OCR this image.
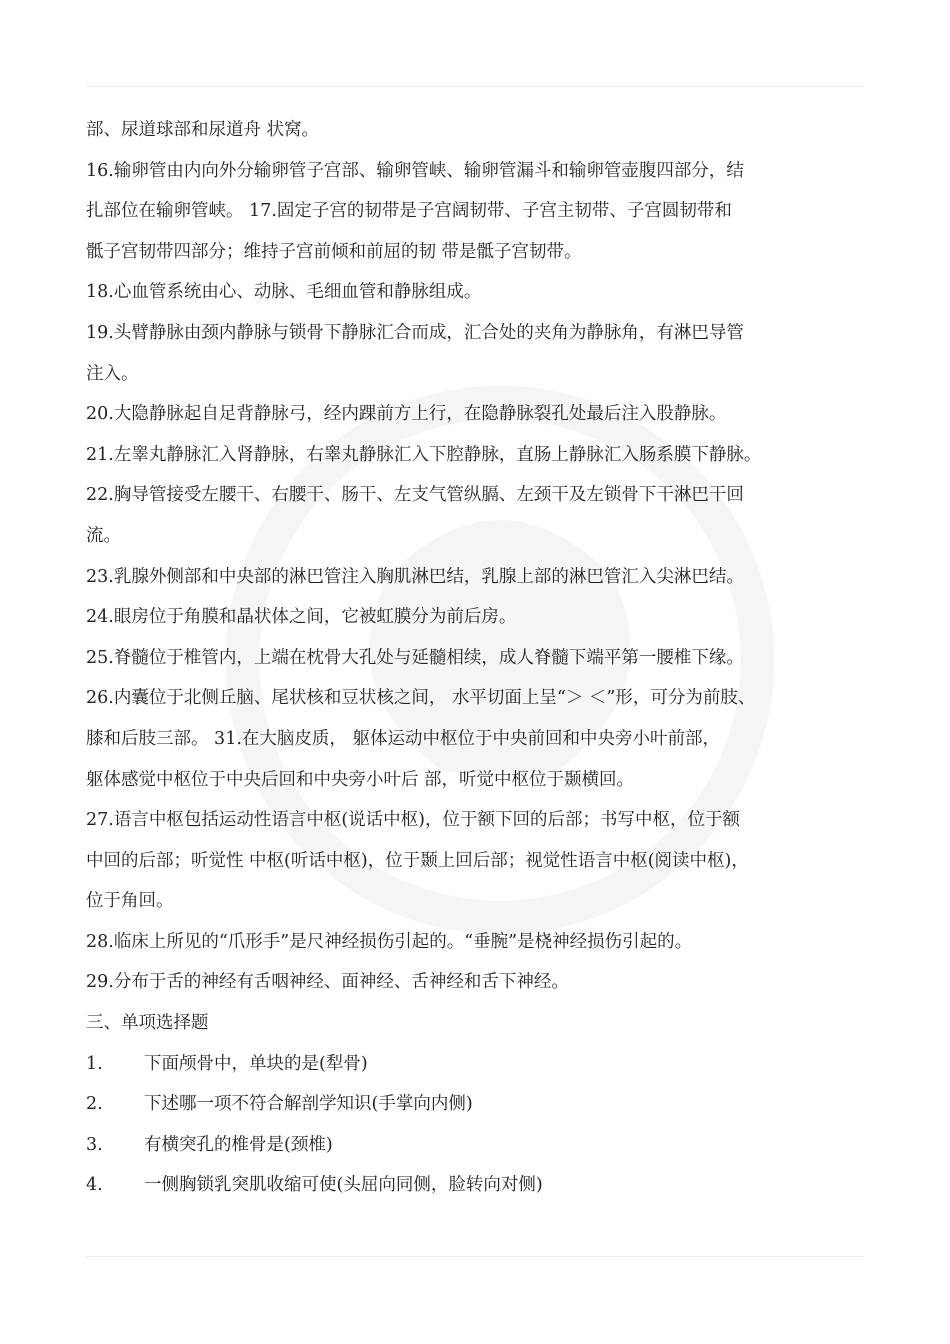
部、尿道球部和尿道舟 状窝。
16.输卵管由内向外分输卵管子宫部、输卵管峡、输卵管漏斗和输卵管壶腹四部分，结
扎部位在输卵管峡。 17.固定子宫的韧带是子宫阔韧带、子宫主韧带、子宫圆韧带和
骶子宫韧带四部分；维持子宫前倾和前屈的韧 带是骶子宫韧带。
18.心血管系统由心、动脉、毛细血管和静脉组成。
19.头臂静脉由颈内静脉与锁骨下静脉汇合而成，汇合处的夹角为静脉角，有淋巴导管
注入。
20.大隐静脉起自足背静脉弓，经内踝前方上行，在隐静脉裂孔处最后注入股静脉。
21.左睾丸静脉汇入肾静脉，右睾丸静脉汇入下腔静脉，直肠上静脉汇入肠系膜下静脉。
22.胸导管接受左腰干、右腰干、肠干、左支气管纵膈、左颈干及左锁骨下干淋巴干回
流。
23.乳腺外侧部和中央部的淋巴管注入胸肌淋巴结，乳腺上部的淋巴管汇入尖淋巴结。
24.眼房位于角膜和晶状体之间，它被虹膜分为前后房。
25.脊髓位于椎管内，上端在枕骨大孔处与延髓相续，成人脊髓下端平第一腰椎下缘。
26.内囊位于北侧丘脑、尾状核和豆状核之间， 水平切面上呈“＞ ＜”形，可分为前肢、
膝和后肢三部。 31.在大脑皮质， 躯体运动中枢位于中央前回和中央旁小叶前部，
躯体感觉中枢位于中央后回和中央旁小叶后 部，听觉中枢位于颞横回。
27.语言中枢包括运动性语言中枢(说话中枢)，位于额下回的后部；书写中枢，位于额
中回的后部；听觉性 中枢(听话中枢)，位于颞上回后部；视觉性语言中枢(阅读中枢)，
位于角回。
28.临床上所见的“爪形手”是尺神经损伤引起的。“垂腕”是桡神经损伤引起的。
29.分布于舌的神经有舌咽神经、面神经、舌神经和舌下神经。
三、单项选择题
1. 下面颅骨中，单块的是(犁骨)
2. 下述哪一项不符合解剖学知识(手掌向内侧)
3. 有横突孔的椎骨是(颈椎)
4. 一侧胸锁乳突肌收缩可使(头屈向同侧，脸转向对侧)
